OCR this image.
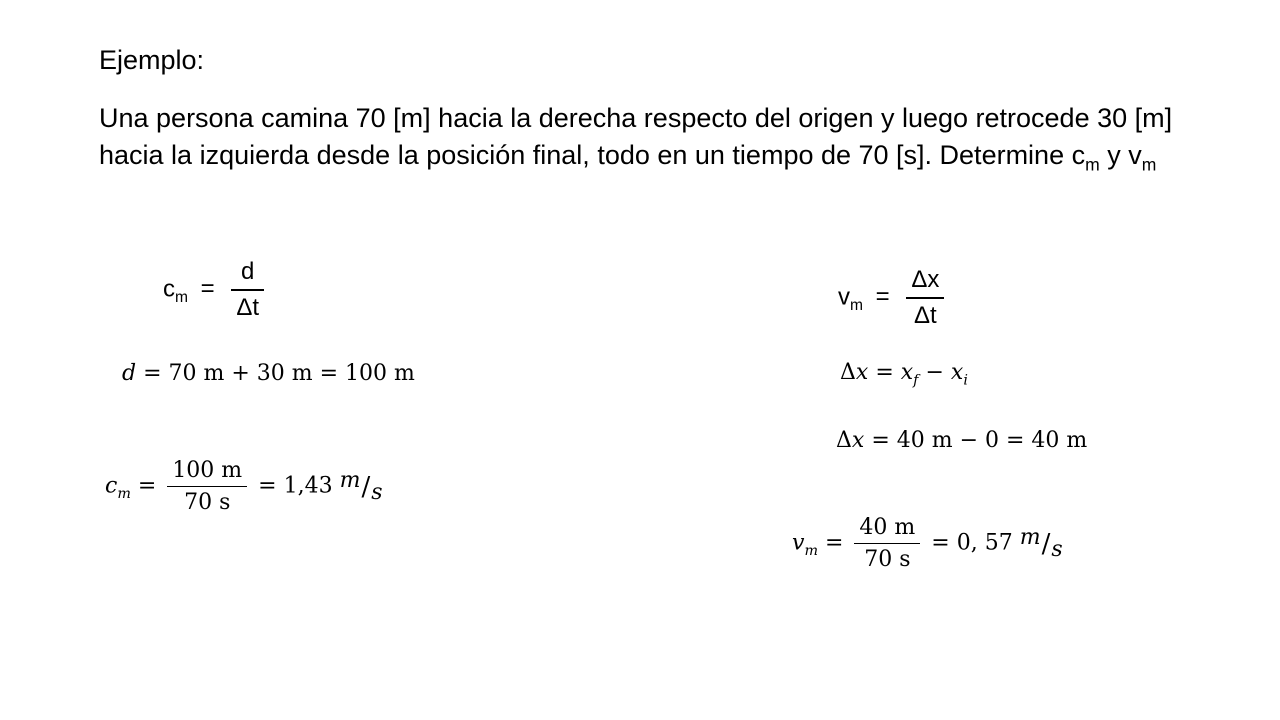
Ejemplo:
Una persona camina 70 [m] hacia la derecha respecto del origen y luego retrocede 30 [m] hacia la izquierda desde la posición final, todo en un tiempo de 70 [s]. Determine $c_m$ y $v_m$
$c_m = \frac{d}{\Delta t}$
d = 70 m + 30 m = 100 m
$c_m = \frac{100 m}{70 s} = 1,43$ m/s
$v_m = \frac{\Delta x}{\Delta t}$
$\Delta x = x_f - x_i$
Δx = 40 m − 0 = 40 m
$v_m = \frac{40 m}{70 s} = 0$, 57 m/s
